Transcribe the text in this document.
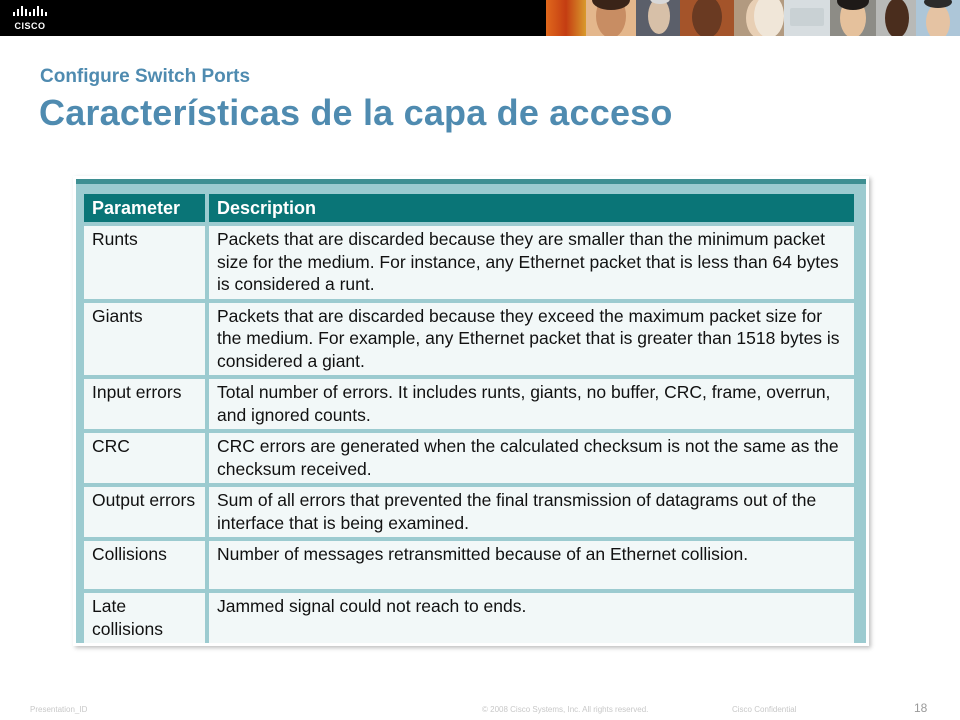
CISCO
Configure Switch Ports
Características de la capa de acceso
Parameter	Description
Runts	Packets that are discarded because they are smaller than the minimum packet size for the medium. For instance, any Ethernet packet that is less than 64 bytes is considered a runt.
Giants	Packets that are discarded because they exceed the maximum packet size for the medium. For example, any Ethernet packet that is greater than 1518 bytes is considered a giant.
Input errors	Total number of errors. It includes runts, giants, no buffer, CRC, frame, overrun, and ignored counts.
CRC	CRC errors are generated when the calculated checksum is not the same as the checksum received.
Output errors	Sum of all errors that prevented the final transmission of datagrams out of the interface that is being examined.
Collisions	Number of messages retransmitted because of an Ethernet collision.
Late collisions	Jammed signal could not reach to ends.
Presentation_ID	© 2008 Cisco Systems, Inc. All rights reserved.	Cisco Confidential	18
